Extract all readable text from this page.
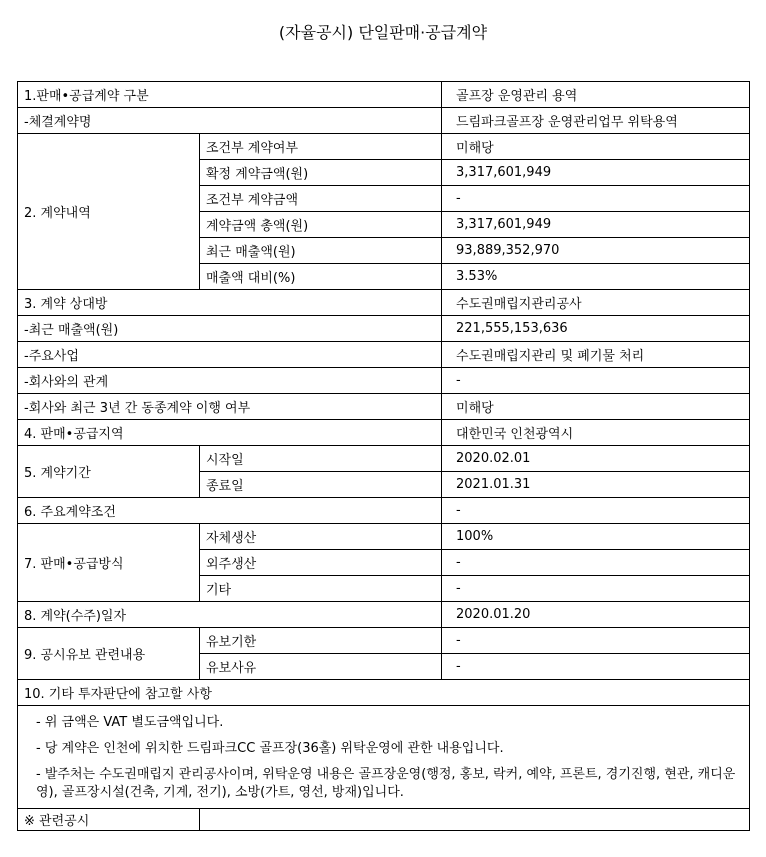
(자율공시) 단일판매·공급계약
1.판매•공급계약 구분		골프장 운영관리 용역
-체결계약명		드림파크골프장 운영관리업무 위탁용역
2. 계약내역	조건부 계약여부	미해당
	확정 계약금액(원)	3,317,601,949
	조건부 계약금액	-
	계약금액 총액(원)	3,317,601,949
	최근 매출액(원)	93,889,352,970
	매출액 대비(%)	3.53%
3. 계약 상대방		수도권매립지관리공사
-최근 매출액(원)		221,555,153,636
-주요사업		수도권매립지관리 및 폐기물 처리
-회사와의 관계		-
-회사와 최근 3년 간 동종계약 이행 여부		미해당
4. 판매•공급지역		대한민국 인천광역시
5. 계약기간	시작일	2020.02.01
	종료일	2021.01.31
6. 주요계약조건		-
7. 판매•공급방식	자체생산	100%
	외주생산	-
	기타	-
8. 계약(수주)일자		2020.01.20
9. 공시유보 관련내용	유보기한	-
	유보사유	-
10. 기타 투자판단에 참고할 사항		

- 위 금액은 VAT 별도금액입니다.
- 당 계약은 인천에 위치한 드림파크CC 골프장(36홀) 위탁운영에 관한 내용입니다.
- 발주처는 수도권매립지 관리공사이며, 위탁운영 내용은 골프장운영(행정, 홍보, 락커, 예약, 프론트, 경기진행, 현관, 캐디운영), 골프장시설(건축, 기계, 전기), 소방(가트, 영선, 방재)입니다.		

※ 관련공시		
